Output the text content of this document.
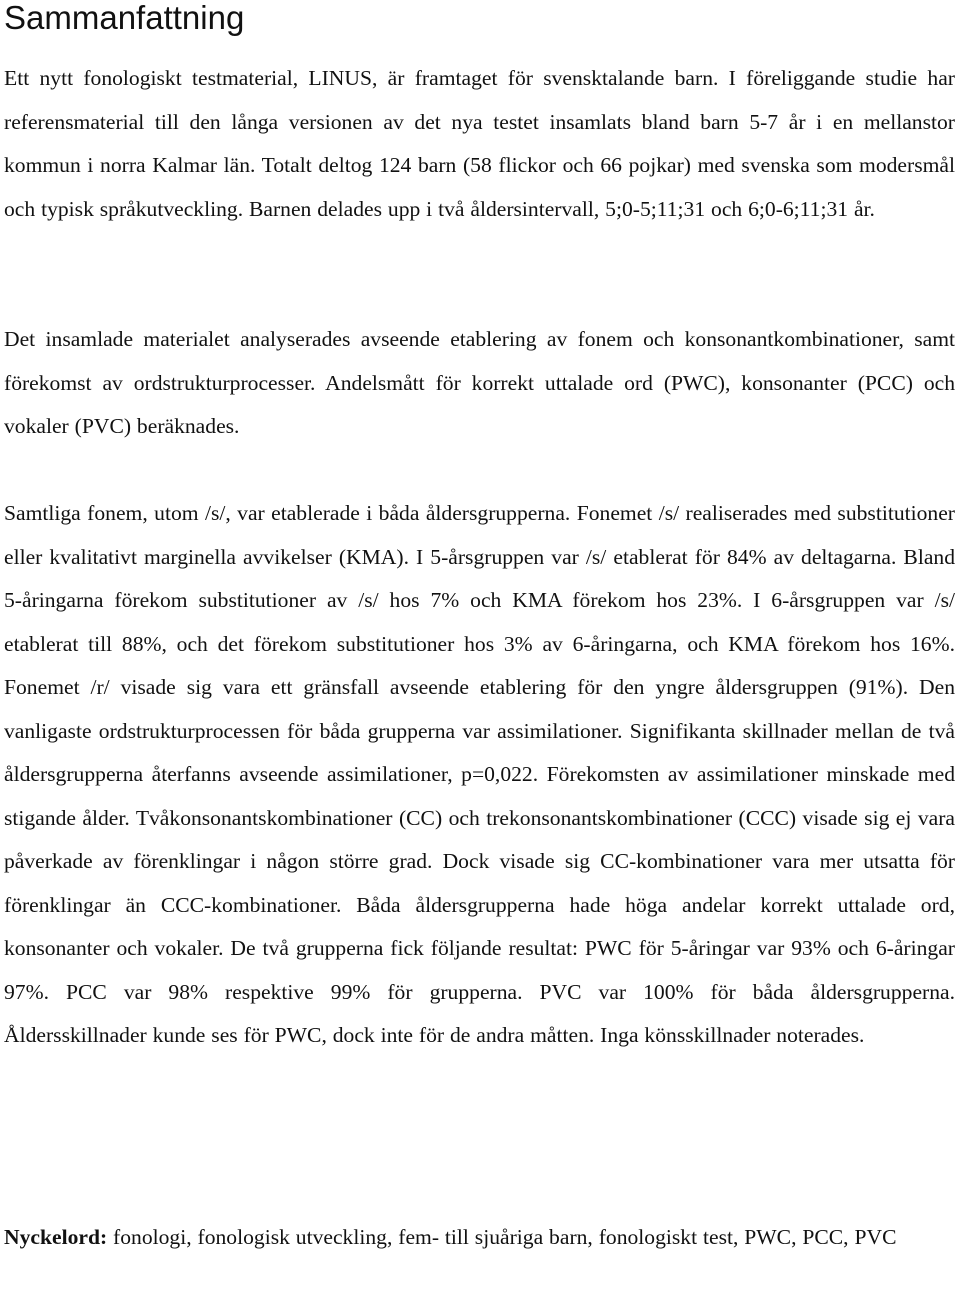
Sammanfattning

Ett nytt fonologiskt testmaterial, LINUS, är framtaget för svensktalande barn. I föreliggande studie har referensmaterial till den långa versionen av det nya testet insamlats bland barn 5-7 år i en mellanstor kommun i norra Kalmar län. Totalt deltog 124 barn (58 flickor och 66 pojkar) med svenska som modersmål och typisk språkutveckling. Barnen delades upp i två åldersintervall, 5;0-5;11;31 och 6;0-6;11;31 år.

Det insamlade materialet analyserades avseende etablering av fonem och konsonantkombinationer, samt förekomst av ordstrukturprocesser. Andelsmått för korrekt uttalade ord (PWC), konsonanter (PCC) och vokaler (PVC) beräknades.

Samtliga fonem, utom /s/, var etablerade i båda åldersgrupperna. Fonemet /s/ realiserades med substitutioner eller kvalitativt marginella avvikelser (KMA). I 5-årsgruppen var /s/ etablerat för 84% av deltagarna. Bland 5-åringarna förekom substitutioner av /s/ hos 7% och KMA förekom hos 23%. I 6-årsgruppen var /s/ etablerat till 88%, och det förekom substitutioner hos 3% av 6-åringarna, och KMA förekom hos 16%. Fonemet /r/ visade sig vara ett gränsfall avseende etablering för den yngre åldersgruppen (91%). Den vanligaste ordstrukturprocessen för båda grupperna var assimilationer. Signifikanta skillnader mellan de två åldersgrupperna återfanns avseende assimilationer, p=0,022. Förekomsten av assimilationer minskade med stigande ålder. Tvåkonsonantskombinationer (CC) och trekonsonantskombinationer (CCC) visade sig ej vara påverkade av förenklingar i någon större grad. Dock visade sig CC-kombinationer vara mer utsatta för förenklingar än CCC-kombinationer. Båda åldersgrupperna hade höga andelar korrekt uttalade ord, konsonanter och vokaler. De två grupperna fick följande resultat: PWC för 5-åringar var 93% och 6-åringar 97%. PCC var 98% respektive 99% för grupperna. PVC var 100% för båda åldersgrupperna. Åldersskillnader kunde ses för PWC, dock inte för de andra måtten. Inga könsskillnader noterades.

Nyckelord: fonologi, fonologisk utveckling, fem- till sjuåriga barn, fonologiskt test, PWC, PCC, PVC
